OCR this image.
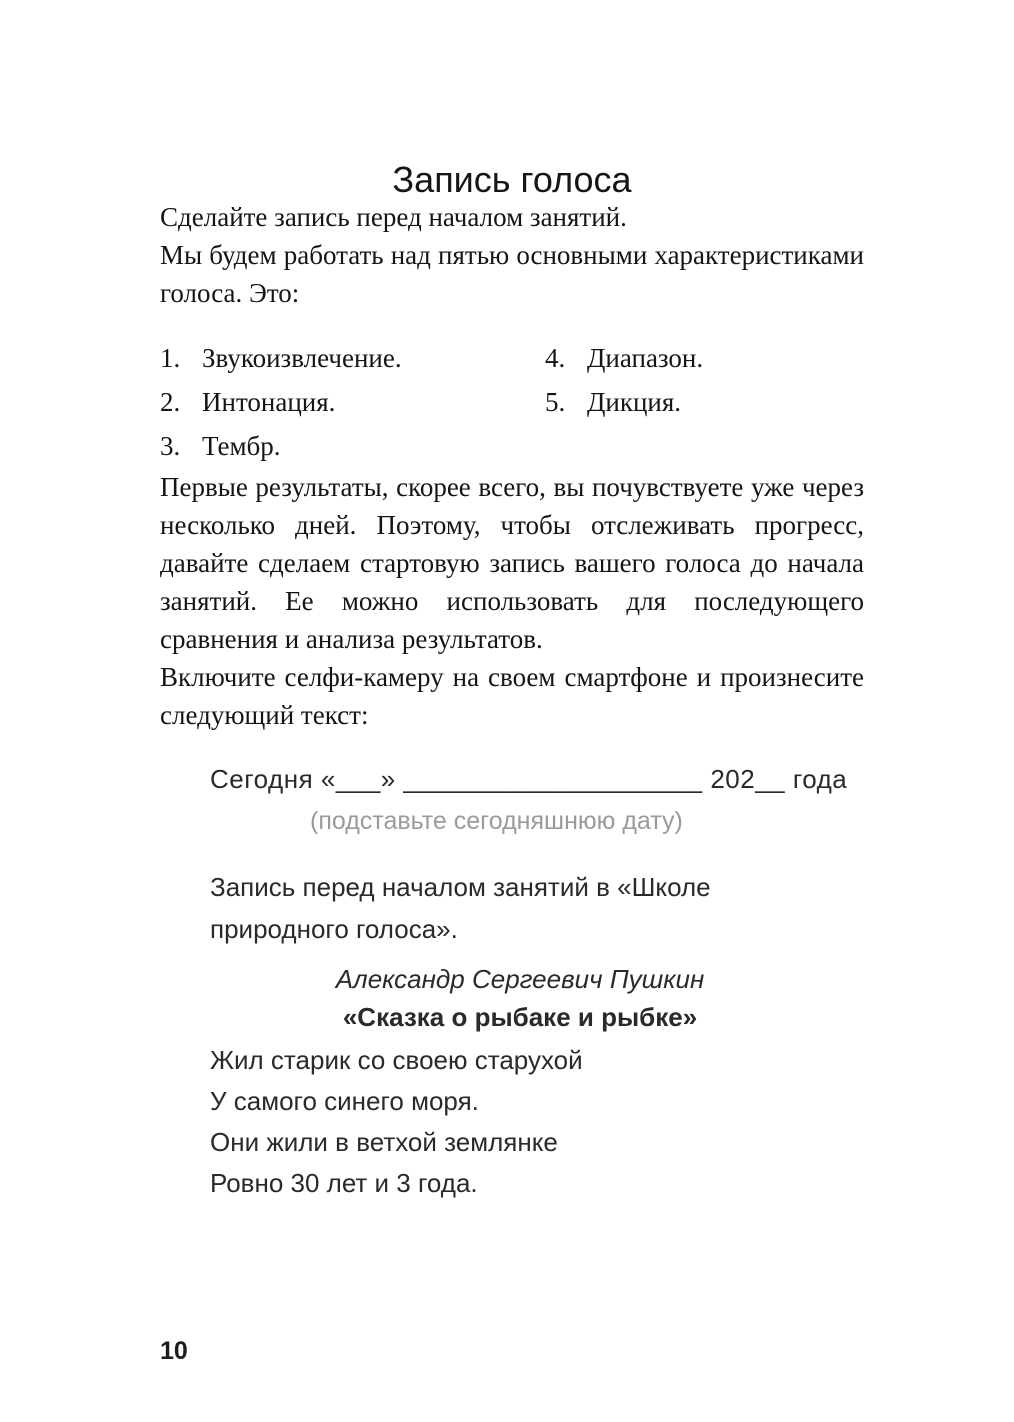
Запись голоса

Сделайте запись перед началом занятий.

Мы будем работать над пятью основными характеристиками голоса. Это:

1. Звукоизвлечение.
2. Интонация.
3. Тембр.
4. Диапазон.
5. Дикция.

Первые результаты, скорее всего, вы почувствуете уже через несколько дней. Поэтому, чтобы отслеживать прогресс, давайте сделаем стартовую запись вашего голоса до начала занятий. Ее можно использовать для последующего сравнения и анализа результатов.

Включите селфи-камеру на своем смартфоне и произнесите следующий текст:

Сегодня «___» ____________________ 202__ года
(подставьте сегодняшнюю дату)
Запись перед началом занятий в «Школе природного голоса».
Александр Сергеевич Пушкин
«Сказка о рыбаке и рыбке»
Жил старик со своею старухой
У самого синего моря.
Они жили в ветхой землянке
Ровно 30 лет и 3 года.
10
